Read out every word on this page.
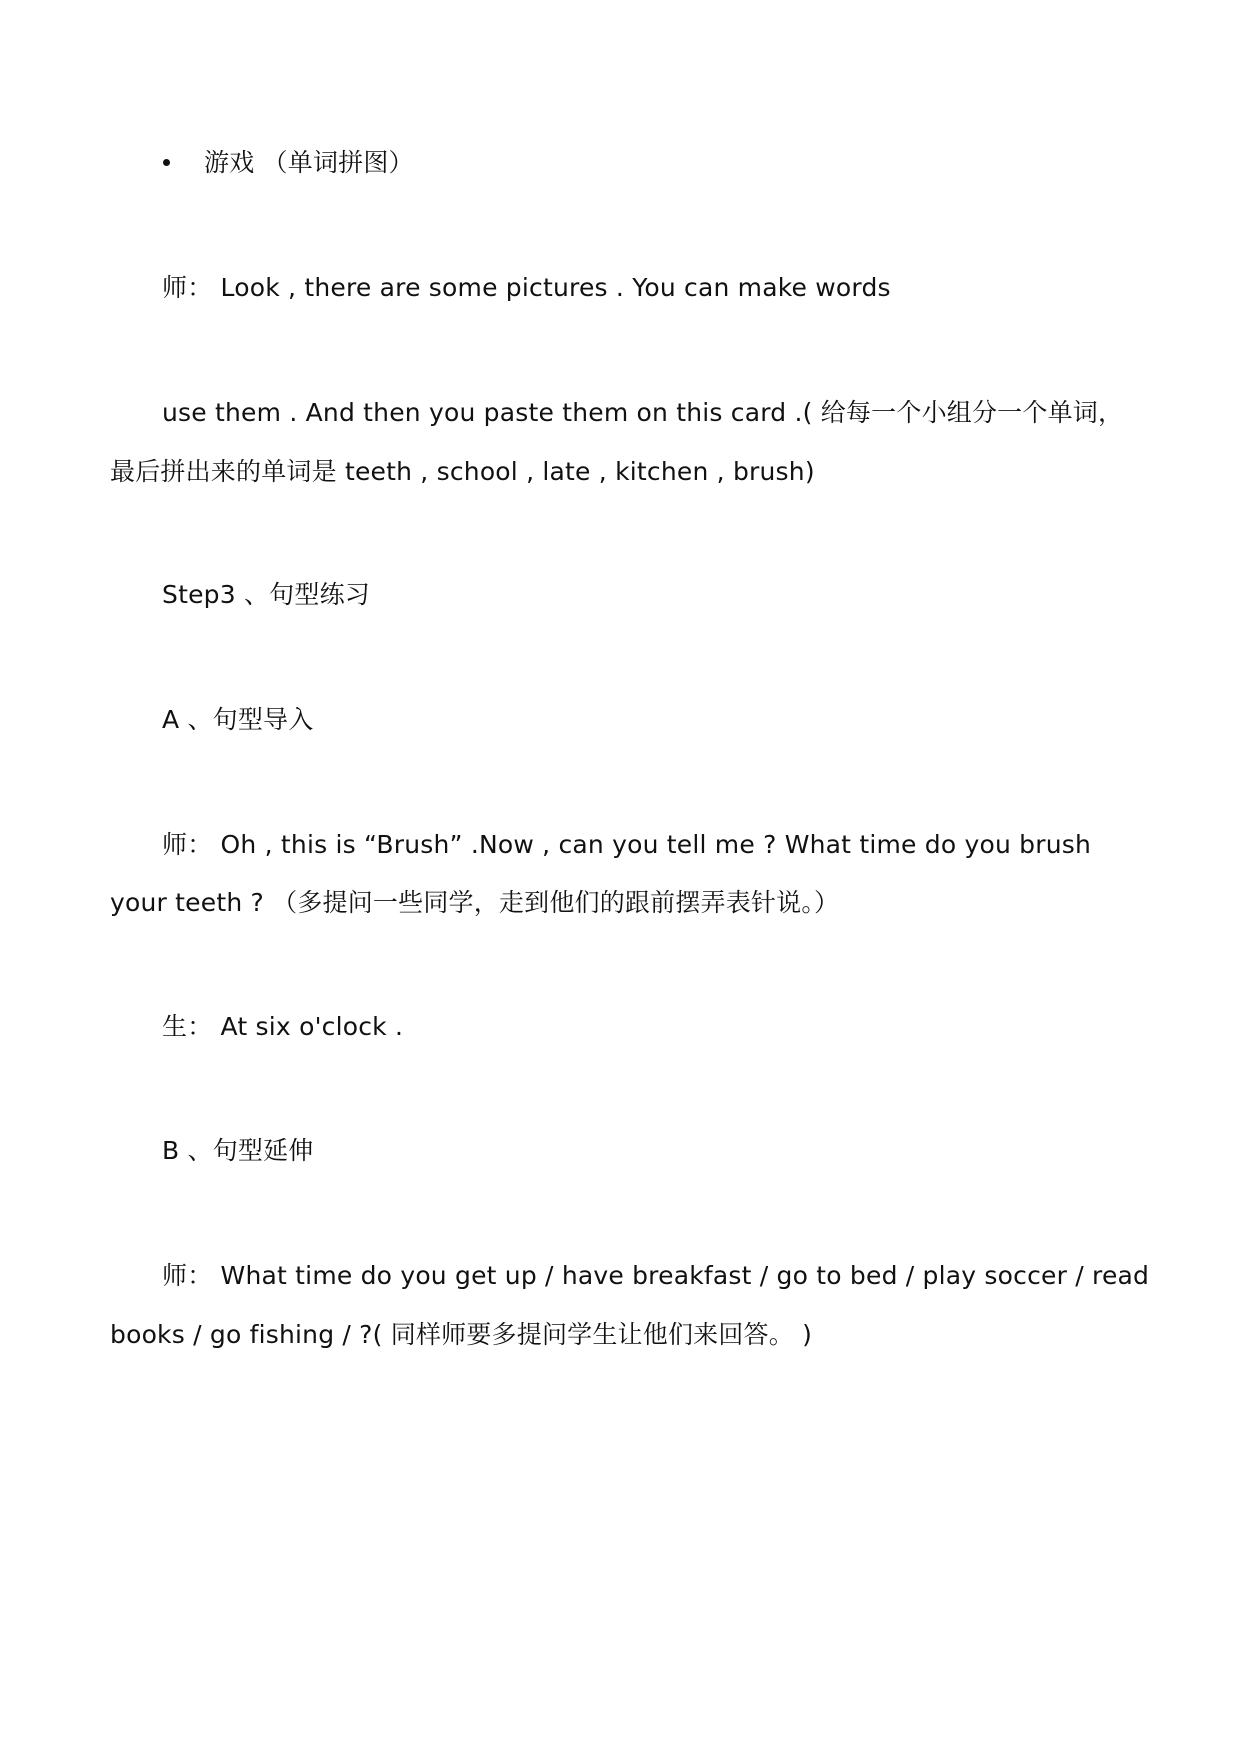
游戏 （单词拼图）
师： Look , there are some pictures . You can make words
use them . And then you paste them on this card .( 给每一个小组分一个单词，
最后拼出来的单词是 teeth , school , late , kitchen , brush)
Step3 、句型练习
A 、句型导入
师： Oh , this is “Brush” .Now , can you tell me ? What time do you brush
your teeth ? （多提问一些同学，走到他们的跟前摆弄表针说。）
生： At six o'clock .
B 、句型延伸
师： What time do you get up / have breakfast / go to bed / play soccer / read
books / go fishing / ?( 同样师要多提问学生让他们来回答。 )
